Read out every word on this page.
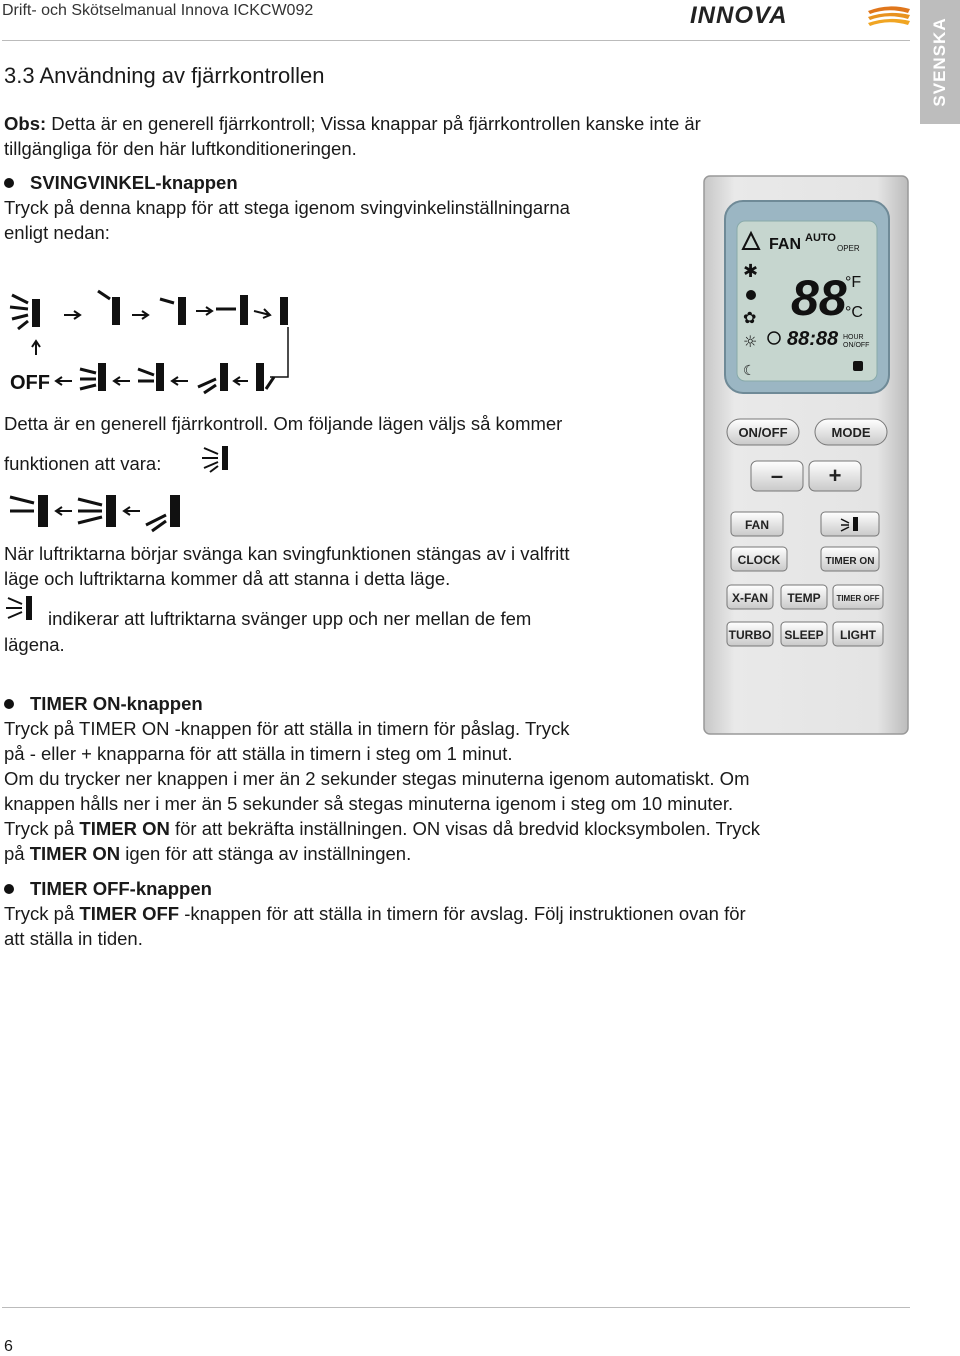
Drift- och Skötselmanual Innova ICKCW092	INNOVA
SVENSKA
3.3 Användning av fjärrkontrollen
Obs: Detta är en generell fjärrkontroll; Vissa knappar på fjärrkontrollen kanske inte är
tillgängliga för den här luftkonditioneringen.
SVINGVINKEL-knappen
Tryck på denna knapp för att stega igenom svingvinkelinställningarna
enligt nedan:
OFF
Detta är en generell fjärrkontroll. Om följande lägen väljs så kommer
funktionen att vara:
När luftriktarna börjar svänga kan svingfunktionen stängas av i valfritt
läge och luftriktarna kommer då att stanna i detta läge.
indikerar att luftriktarna svänger upp och ner mellan de fem
lägena.
FAN AUTO
OPER
88
°F
°C
88:88 HOUR
ON/OFF
✱
✿
☼
☾
ON/OFF	MODE
– +
FAN
CLOCK	TIMER ON
X-FAN TEMP TIMER OFF
TURBO SLEEP LIGHT
TIMER ON-knappen
Tryck på TIMER ON -knappen för att ställa in timern för påslag. Tryck
på - eller + knapparna för att ställa in timern i steg om 1 minut.
Om du trycker ner knappen i mer än 2 sekunder stegas minuterna igenom automatiskt. Om
knappen hålls ner i mer än 5 sekunder så stegas minuterna igenom i steg om 10 minuter.
Tryck på TIMER ON för att bekräfta inställningen. ON visas då bredvid klocksymbolen. Tryck
på TIMER ON igen för att stänga av inställningen.
TIMER OFF-knappen
Tryck på TIMER OFF -knappen för att ställa in timern för avslag. Följ instruktionen ovan för
att ställa in tiden.
6
